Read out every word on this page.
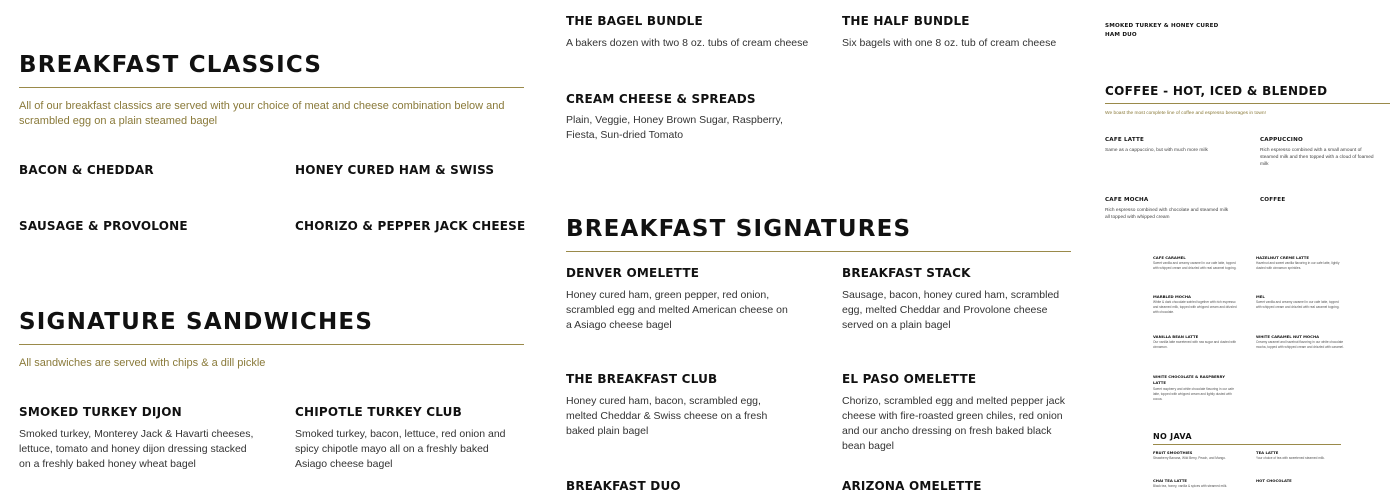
BREAKFAST CLASSICS
All of our breakfast classics are served with your choice of meat and cheese combination below and scrambled egg on a plain steamed bagel
BACON & CHEDDAR	HONEY CURED HAM & SWISS
SAUSAGE & PROVOLONE	CHORIZO & PEPPER JACK CHEESE
SIGNATURE SANDWICHES
All sandwiches are served with chips & a dill pickle
SMOKED TURKEY DIJON
Smoked turkey, Monterey Jack & Havarti cheeses, lettuce, tomato and honey dijon dressing stacked on a freshly baked honey wheat bagel
CHIPOTLE TURKEY CLUB
Smoked turkey, bacon, lettuce, red onion and spicy chipotle mayo all on a freshly baked Asiago cheese bagel
THE BAGEL BUNDLE
A bakers dozen with two 8 oz. tubs of cream cheese
THE HALF BUNDLE
Six bagels with one 8 oz. tub of cream cheese
CREAM CHEESE & SPREADS
Plain, Veggie, Honey Brown Sugar, Raspberry, Fiesta, Sun-dried Tomato
BREAKFAST SIGNATURES
DENVER OMELETTE
Honey cured ham, green pepper, red onion, scrambled egg and melted American cheese on a Asiago cheese bagel
BREAKFAST STACK
Sausage, bacon, honey cured ham, scrambled egg, melted Cheddar and Provolone cheese served on a plain bagel
THE BREAKFAST CLUB
Honey cured ham, bacon, scrambled egg, melted Cheddar & Swiss cheese on a fresh baked plain bagel
EL PASO OMELETTE
Chorizo, scrambled egg and melted pepper jack cheese with fire-roasted green chiles, red onion and our ancho dressing on fresh baked black bean bagel
BREAKFAST DUO	ARIZONA OMELETTE
SMOKED TURKEY & HONEY CURED HAM DUO
COFFEE - HOT, ICED & BLENDED
We boast the most complete line of coffee and espresso beverages in town!
CAFE LATTE
Same as a cappuccino, but with much more milk
CAPPUCCINO
Rich espresso combined with a small amount of steamed milk and then topped with a cloud of foamed milk
CAFE MOCHA
Rich espresso combined with chocolate and steamed milk all topped with whipped cream
COFFEE
CAFE CARAMEL
Sweet vanilla and creamy caramel in our cafe latte, topped with whipped cream and drizzled with real caramel topping.
HAZELNUT CREME LATTE
Hazelnut and sweet vanilla flavoring in our cafe latte, lightly dusted with cinnamon sprinkles.
MARBLED MOCHA
White & dark chocolate swirled together with rich espresso and steamed milk, topped with whipped cream and drizzled with chocolate.
MEL
Sweet vanilla and creamy caramel in our cafe latte, topped with whipped cream and drizzled with real caramel topping.
VANILLA BEAN LATTE
Our vanilla latte sweetened with raw sugar and dusted with cinnamon.
WHITE CARAMEL NUT MOCHA
Creamy caramel and hazelnut flavoring in our white chocolate mocha, topped with whipped cream and drizzled with caramel.
WHITE CHOCOLATE & RASPBERRY LATTE
Sweet raspberry and white chocolate flavoring in our cafe latte, topped with whipped cream and lightly dusted with cocoa.
NO JAVA
FRUIT SMOOTHIES
Strawberry Banana, Wild Berry, Peach, and Mango.
TEA LATTE
Your choice of tea with sweetened steamed milk.
CHAI TEA LATTE
Black tea, honey, vanilla & spices with steamed milk.
HOT CHOCOLATE
